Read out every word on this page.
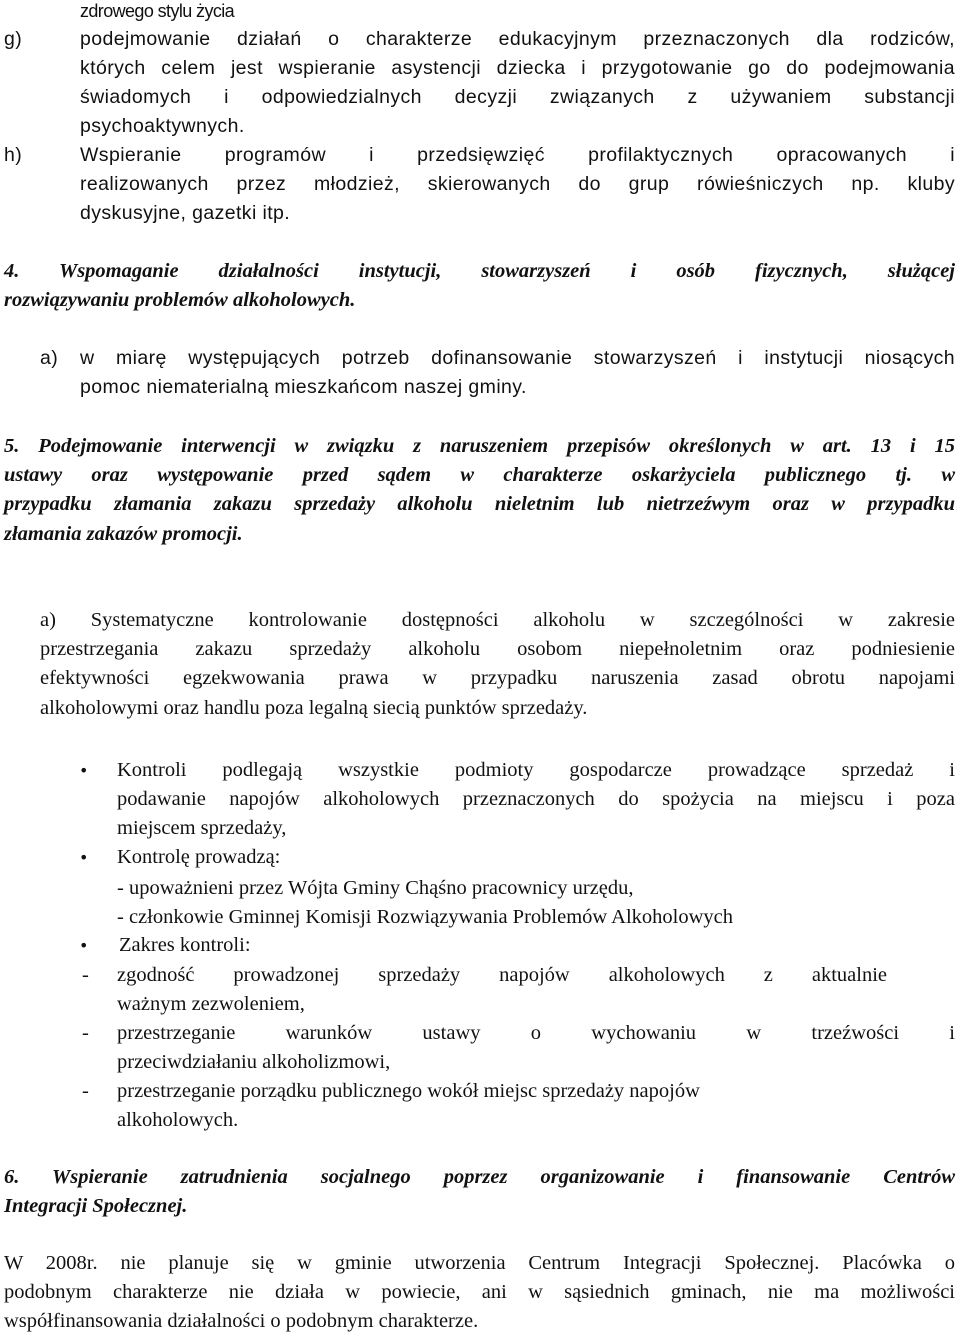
zdrowego stylu życia
g)	podejmowanie działań o charakterze edukacyjnym przeznaczonych dla rodziców,
których celem jest wspieranie asystencji dziecka i przygotowanie go do podejmowania
świadomych i odpowiedzialnych decyzji związanych z używaniem substancji
psychoaktywnych.
h)	Wspieranie programów i przedsięwzięć profilaktycznych opracowanych i
realizowanych przez młodzież, skierowanych do grup rówieśniczych np. kluby
dyskusyjne, gazetki itp.
4. Wspomaganie działalności instytucji, stowarzyszeń i osób fizycznych, służącej
rozwiązywaniu problemów alkoholowych.
a) w miarę występujących potrzeb dofinansowanie stowarzyszeń i instytucji niosących
pomoc niematerialną mieszkańcom naszej gminy.
5. Podejmowanie interwencji w związku z naruszeniem przepisów określonych w art. 13 i 15
ustawy oraz występowanie przed sądem w charakterze oskarżyciela publicznego tj. w
przypadku złamania zakazu sprzedaży alkoholu nieletnim lub nietrzeźwym oraz w przypadku
złamania zakazów promocji.
a) Systematyczne kontrolowanie dostępności alkoholu w szczególności w zakresie
przestrzegania zakazu sprzedaży alkoholu osobom niepełnoletnim oraz podniesienie
efektywności egzekwowania prawa w przypadku naruszenia zasad obrotu napojami
alkoholowymi oraz handlu poza legalną siecią punktów sprzedaży.
• Kontroli podlegają wszystkie podmioty gospodarcze prowadzące sprzedaż i
podawanie napojów alkoholowych przeznaczonych do spożycia na miejscu i poza
miejscem sprzedaży,
• Kontrolę prowadzą:
- upoważnieni przez Wójta Gminy Chąśno pracownicy urzędu,
- członkowie Gminnej Komisji Rozwiązywania Problemów Alkoholowych
• Zakres kontroli:
- zgodność prowadzonej sprzedaży napojów alkoholowych z aktualnie
ważnym zezwoleniem,
- przestrzeganie warunków ustawy o wychowaniu w trzeźwości i
przeciwdziałaniu alkoholizmowi,
- przestrzeganie porządku publicznego wokół miejsc sprzedaży napojów
alkoholowych.
6. Wspieranie zatrudnienia socjalnego poprzez organizowanie i finansowanie Centrów
Integracji Społecznej.
W 2008r. nie planuje się w gminie utworzenia Centrum Integracji Społecznej. Placówka o
podobnym charakterze nie działa w powiecie, ani w sąsiednich gminach, nie ma możliwości
współfinansowania działalności o podobnym charakterze.
